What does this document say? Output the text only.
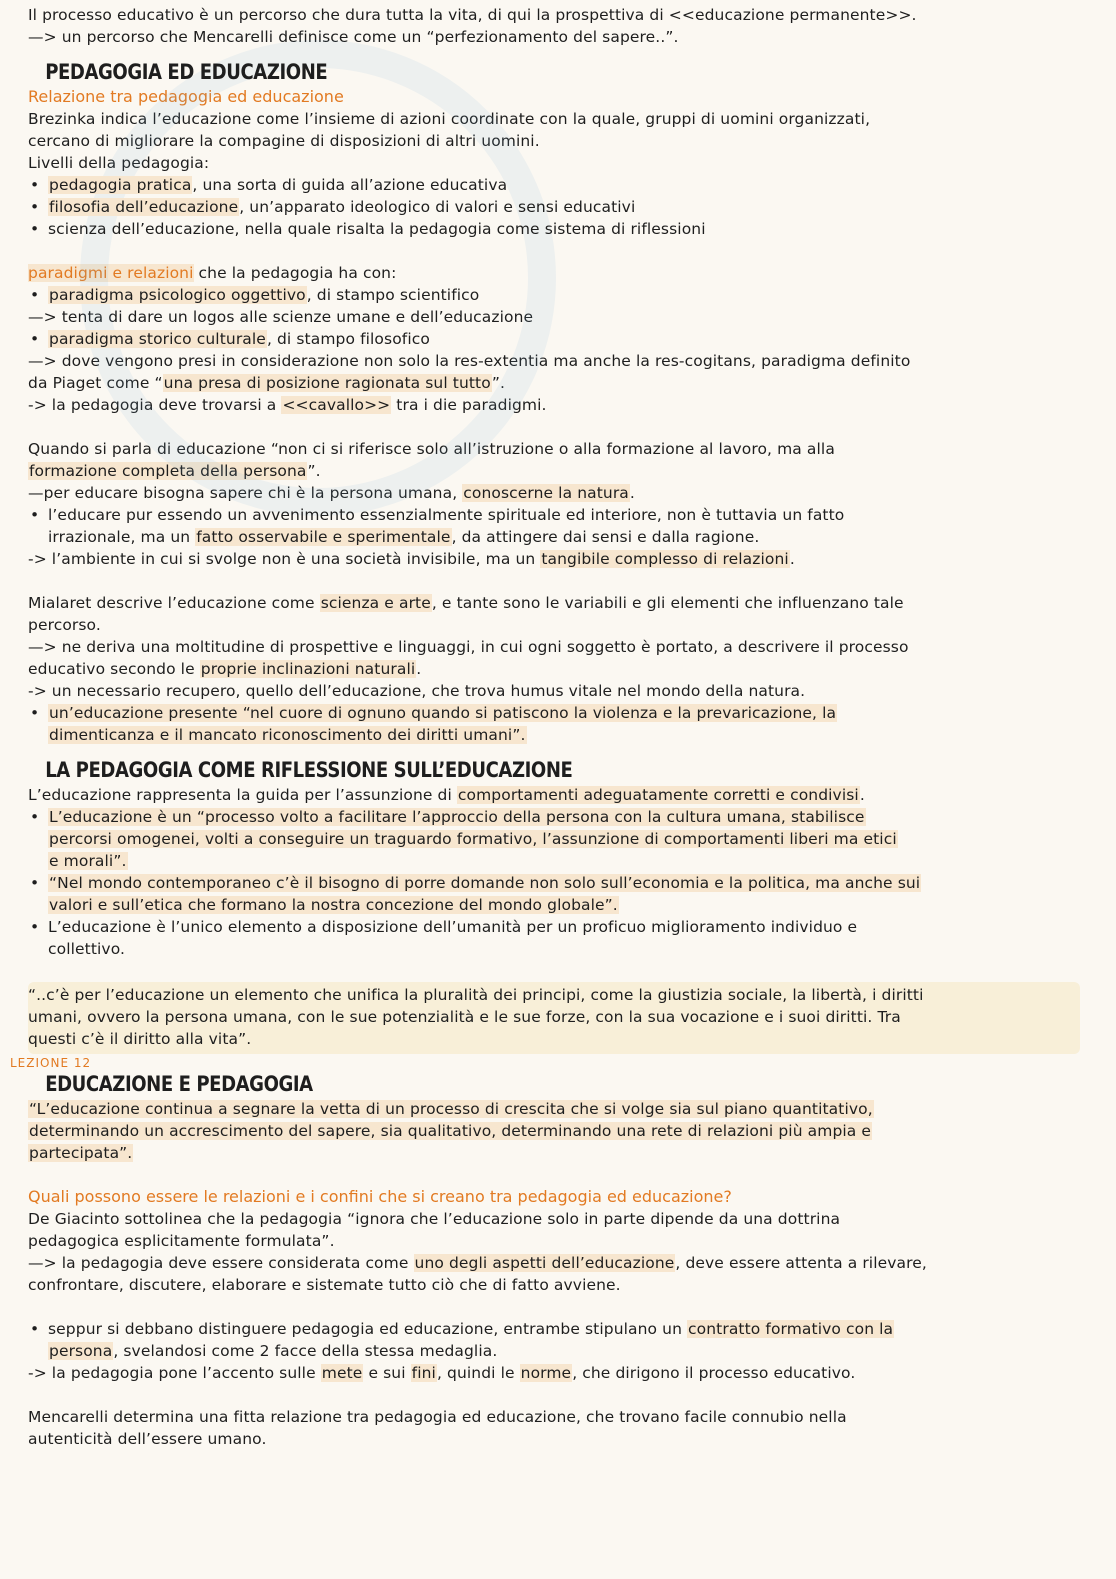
Il processo educativo è un percorso che dura tutta la vita, di qui la prospettiva di <<educazione permanente>>.

—> un percorso che Mencarelli definisce come un “perfezionamento del sapere..”.

PEDAGOGIA ED EDUCAZIONE

Relazione tra pedagogia ed educazione

Brezinka indica l’educazione come l’insieme di azioni coordinate con la quale, gruppi di uomini organizzati,

cercano di migliorare la compagine di disposizioni di altri uomini.

Livelli della pedagogia:

• pedagogia pratica, una sorta di guida all’azione educativa

• filosofia dell’educazione, un’apparato ideologico di valori e sensi educativi

• scienza dell’educazione, nella quale risalta la pedagogia come sistema di riflessioni

paradigmi e relazioni che la pedagogia ha con:

• paradigma psicologico oggettivo, di stampo scientifico

—> tenta di dare un logos alle scienze umane e dell’educazione

• paradigma storico culturale, di stampo filosofico

—> dove vengono presi in considerazione non solo la res-extentia ma anche la res-cogitans, paradigma definito

da Piaget come “una presa di posizione ragionata sul tutto”.

-> la pedagogia deve trovarsi a <<cavallo>> tra i die paradigmi.

Quando si parla di educazione “non ci si riferisce solo all’istruzione o alla formazione al lavoro, ma alla

formazione completa della persona”.

—per educare bisogna sapere chi è la persona umana, conoscerne la natura.

• l’educare pur essendo un avvenimento essenzialmente spirituale ed interiore, non è tuttavia un fatto

irrazionale, ma un fatto osservabile e sperimentale, da attingere dai sensi e dalla ragione.

-> l’ambiente in cui si svolge non è una società invisibile, ma un tangibile complesso di relazioni.

Mialaret descrive l’educazione come scienza e arte, e tante sono le variabili e gli elementi che influenzano tale

percorso.

—> ne deriva una moltitudine di prospettive e linguaggi, in cui ogni soggetto è portato, a descrivere il processo

educativo secondo le proprie inclinazioni naturali.

-> un necessario recupero, quello dell’educazione, che trova humus vitale nel mondo della natura.

• un’educazione presente “nel cuore di ognuno quando si patiscono la violenza e la prevaricazione, la

dimenticanza e il mancato riconoscimento dei diritti umani”.

LA PEDAGOGIA COME RIFLESSIONE SULL’EDUCAZIONE

L’educazione rappresenta la guida per l’assunzione di comportamenti adeguatamente corretti e condivisi.

• L’educazione è un “processo volto a facilitare l’approccio della persona con la cultura umana, stabilisce

percorsi omogenei, volti a conseguire un traguardo formativo, l’assunzione di comportamenti liberi ma etici

e morali”.

• “Nel mondo contemporaneo c’è il bisogno di porre domande non solo sull’economia e la politica, ma anche sui

valori e sull’etica che formano la nostra concezione del mondo globale”.

• L’educazione è l’unico elemento a disposizione dell’umanità per un proficuo miglioramento individuo e

collettivo.

“..c’è per l’educazione un elemento che unifica la pluralità dei principi, come la giustizia sociale, la libertà, i diritti

umani, ovvero la persona umana, con le sue potenzialità e le sue forze, con la sua vocazione e i suoi diritti. Tra

questi c’è il diritto alla vita”.

LEZIONE 12

EDUCAZIONE E PEDAGOGIA

“L’educazione continua a segnare la vetta di un processo di crescita che si volge sia sul piano quantitativo,

determinando un accrescimento del sapere, sia qualitativo, determinando una rete di relazioni più ampia e

partecipata”.

Quali possono essere le relazioni e i confini che si creano tra pedagogia ed educazione?

De Giacinto sottolinea che la pedagogia “ignora che l’educazione solo in parte dipende da una dottrina

pedagogica esplicitamente formulata”.

—> la pedagogia deve essere considerata come uno degli aspetti dell’educazione, deve essere attenta a rilevare,

confrontare, discutere, elaborare e sistemate tutto ciò che di fatto avviene.

• seppur si debbano distinguere pedagogia ed educazione, entrambe stipulano un contratto formativo con la

persona, svelandosi come 2 facce della stessa medaglia.

-> la pedagogia pone l’accento sulle mete e sui fini, quindi le norme, che dirigono il processo educativo.

Mencarelli determina una fitta relazione tra pedagogia ed educazione, che trovano facile connubio nella

autenticità dell’essere umano.
